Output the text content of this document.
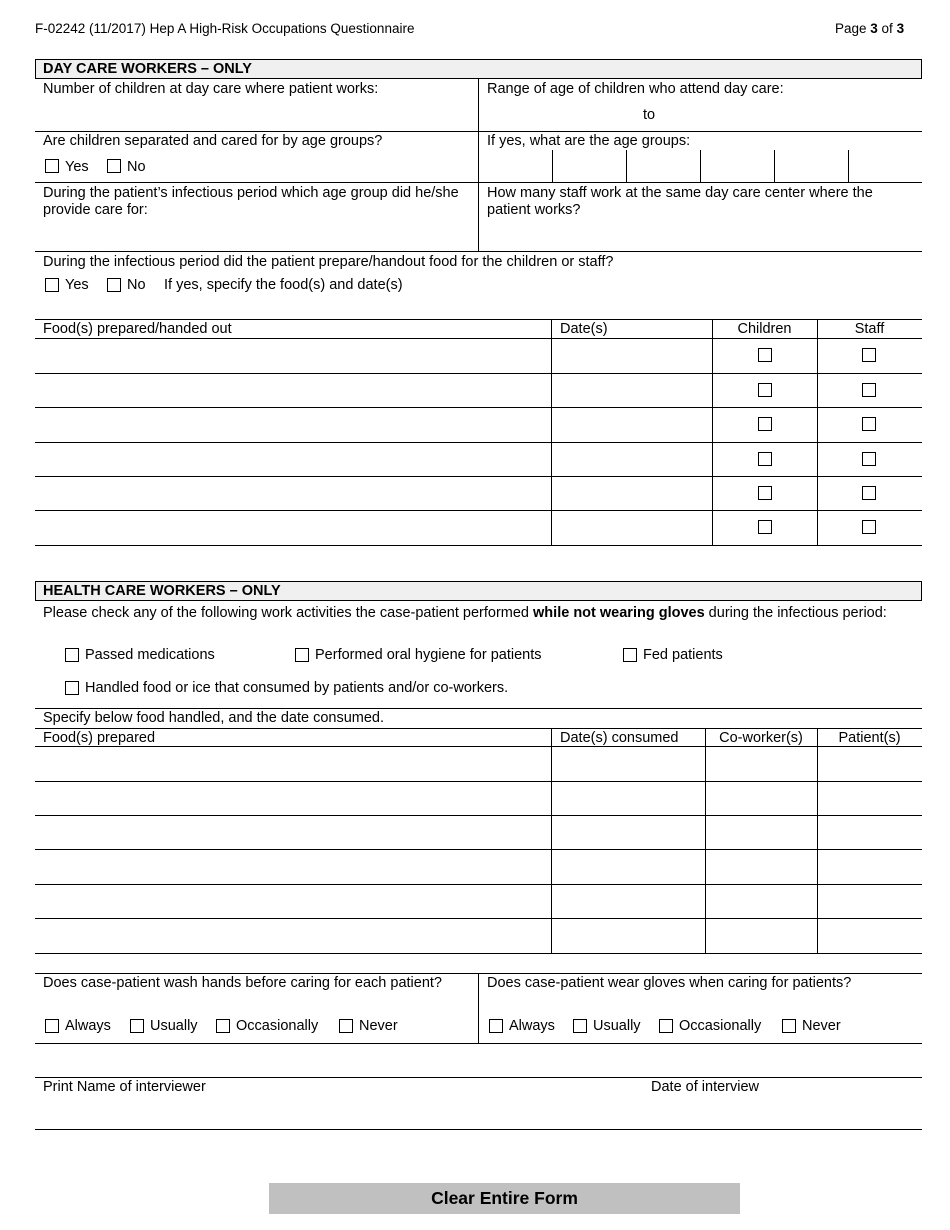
F-02242 (11/2017) Hep A High-Risk Occupations Questionnaire	Page 3 of 3
DAY CARE WORKERS – ONLY
Number of children at day care where patient works:	Range of age of children who attend day care:
to
Are children separated and cared for by age groups?
Yes	No
If yes, what are the age groups:
During the patient’s infectious period which age group did he/she provide care for:
How many staff work at the same day care center where the patient works?
During the infectious period did the patient prepare/handout food for the children or staff?
Yes	No If yes, specify the food(s) and date(s)
Food(s) prepared/handed out	Date(s)	Children	Staff
HEALTH CARE WORKERS – ONLY
Please check any of the following work activities the case-patient performed while not wearing gloves during the infectious period:
Passed medications	Performed oral hygiene for patients	Fed patients
Handled food or ice that consumed by patients and/or co-workers.
Specify below food handled, and the date consumed.
Food(s) prepared	Date(s) consumed	Co-worker(s)	Patient(s)
Does case-patient wash hands before caring for each patient?	Does case-patient wear gloves when caring for patients?
Always	Usually	Occasionally	Never	Always	Usually	Occasionally	Never
Print Name of interviewer	Date of interview
Clear Entire Form
